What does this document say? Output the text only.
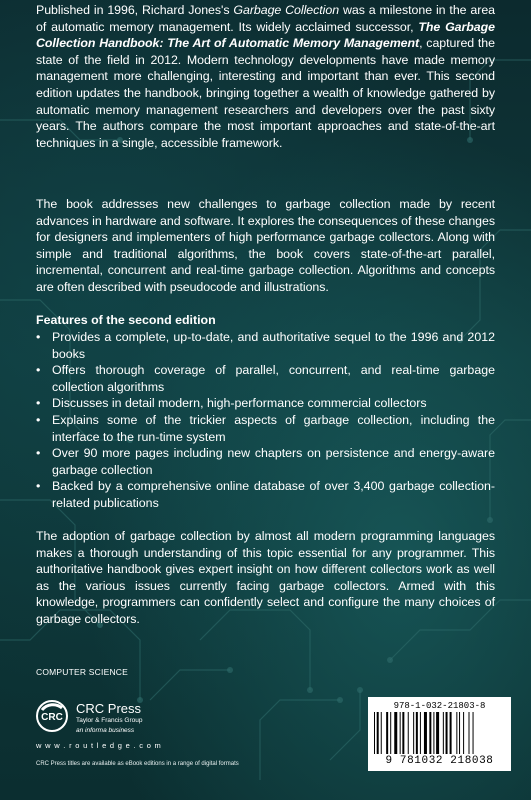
Published in 1996, Richard Jones's Garbage Collection was a milestone in the area of automatic memory management. Its widely acclaimed successor, The Garbage Collection Handbook: The Art of Automatic Memory Management, captured the state of the field in 2012. Modern technology developments have made memory management more challenging, interesting and important than ever. This second edition updates the handbook, bringing together a wealth of knowledge gathered by automatic memory management researchers and developers over the past sixty years. The authors compare the most important approaches and state-of-the-art techniques in a single, accessible framework.

The book addresses new challenges to garbage collection made by recent advances in hardware and software. It explores the consequences of these changes for designers and implementers of high performance garbage collectors. Along with simple and traditional algorithms, the book covers state-of-the-art parallel, incremental, concurrent and real-time garbage collection. Algorithms and concepts are often described with pseudocode and illustrations.

Features of the second edition
• Provides a complete, up-to-date, and authoritative sequel to the 1996 and 2012 books
• Offers thorough coverage of parallel, concurrent, and real-time garbage collection algorithms
• Discusses in detail modern, high-performance commercial collectors
• Explains some of the trickier aspects of garbage collection, including the interface to the run-time system
• Over 90 more pages including new chapters on persistence and energy-aware garbage collection
• Backed by a comprehensive online database of over 3,400 garbage collection-related publications

The adoption of garbage collection by almost all modern programming languages makes a thorough understanding of this topic essential for any programmer. This authoritative handbook gives expert insight on how different collectors work as well as the various issues currently facing garbage collectors. Armed with this knowledge, programmers can confidently select and configure the many choices of garbage collectors.

COMPUTER SCIENCE
CRC
CRC Press
Taylor & Francis Group
an informa business
w w w . r o u t l e d g e . c o m
CRC Press titles are available as eBook editions in a range of digital formats
978-1-032-21803-8
9 781032 218038
